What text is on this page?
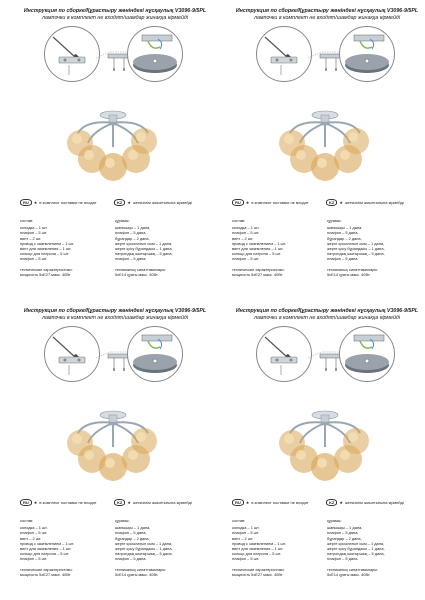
Инструкция по сборке/Құрастыру жөніндегі нұсқаулық V3096-9/5PL
лампочки в комплект не входят/шамдар жинаққа кірмейді
RU	★ в комплект поставки не входит	KZ	★ жеткізілім жиынтығына кірмейді
состав:
колодка – 1 шт.
плафон – 5 шт.
винт – 2 шт.
провод с заземлением – 1 шт.
винт для заземления – 1 шт.
кольцо для патрона – 5 шт.
плафон – 5 шт.
технические характеристики:
мощность 5хE27 макс. 40Вт
құрамы:
шанышқы – 1 дана,
плафон – 5 дана,
бұрандар – 2 дана,
жерге қосылатын сым – 1 дана,
жерге қосу бұрандасы – 1 дана,
патрондық шығыршық – 5 дана,
плафон – 5 дана.
техникалық сипаттамалары:
5хE14 қуаты макс. 40Вт.
Инструкция по сборке/Құрастыру жөніндегі нұсқаулық V3096-9/5PL
лампочки в комплект не входят/шамдар жинаққа кірмейді
RU	★ в комплект поставки не входит	KZ	★ жеткізілім жиынтығына кірмейді
состав:
колодка – 1 шт.
плафон – 5 шт.
винт – 2 шт.
провод с заземлением – 1 шт.
винт для заземления – 1 шт.
кольцо для патрона – 5 шт.
плафон – 5 шт.
технические характеристики:
мощность 5хE27 макс. 40Вт
құрамы:
шанышқы – 1 дана,
плафон – 5 дана,
бұрандар – 2 дана,
жерге қосылатын сым – 1 дана,
жерге қосу бұрандасы – 1 дана,
патрондық шығыршық – 5 дана,
плафон – 5 дана.
техникалық сипаттамалары:
5хE14 қуаты макс. 40Вт.
Инструкция по сборке/Құрастыру жөніндегі нұсқаулық V3096-9/5PL
лампочки в комплект не входят/шамдар жинаққа кірмейді
RU	★ в комплект поставки не входит	KZ	★ жеткізілім жиынтығына кірмейді
состав:
колодка – 1 шт.
плафон – 5 шт.
винт – 2 шт.
провод с заземлением – 1 шт.
винт для заземления – 1 шт.
кольцо для патрона – 5 шт.
плафон – 5 шт.
технические характеристики:
мощность 5хE27 макс. 40Вт
құрамы:
шанышқы – 1 дана,
плафон – 5 дана,
бұрандар – 2 дана,
жерге қосылатын сым – 1 дана,
жерге қосу бұрандасы – 1 дана,
патрондық шығыршық – 5 дана,
плафон – 5 дана.
техникалық сипаттамалары:
5хE14 қуаты макс. 40Вт.
Инструкция по сборке/Құрастыру жөніндегі нұсқаулық V3096-9/5PL
лампочки в комплект не входят/шамдар жинаққа кірмейді
RU	★ в комплект поставки не входит	KZ	★ жеткізілім жиынтығына кірмейді
состав:
колодка – 1 шт.
плафон – 5 шт.
винт – 2 шт.
провод с заземлением – 1 шт.
винт для заземления – 1 шт.
кольцо для патрона – 5 шт.
плафон – 5 шт.
технические характеристики:
мощность 5хE27 макс. 40Вт
құрамы:
шанышқы – 1 дана,
плафон – 5 дана,
бұрандар – 2 дана,
жерге қосылатын сым – 1 дана,
жерге қосу бұрандасы – 1 дана,
патрондық шығыршық – 5 дана,
плафон – 5 дана.
техникалық сипаттамалары:
5хE14 қуаты макс. 40Вт.
